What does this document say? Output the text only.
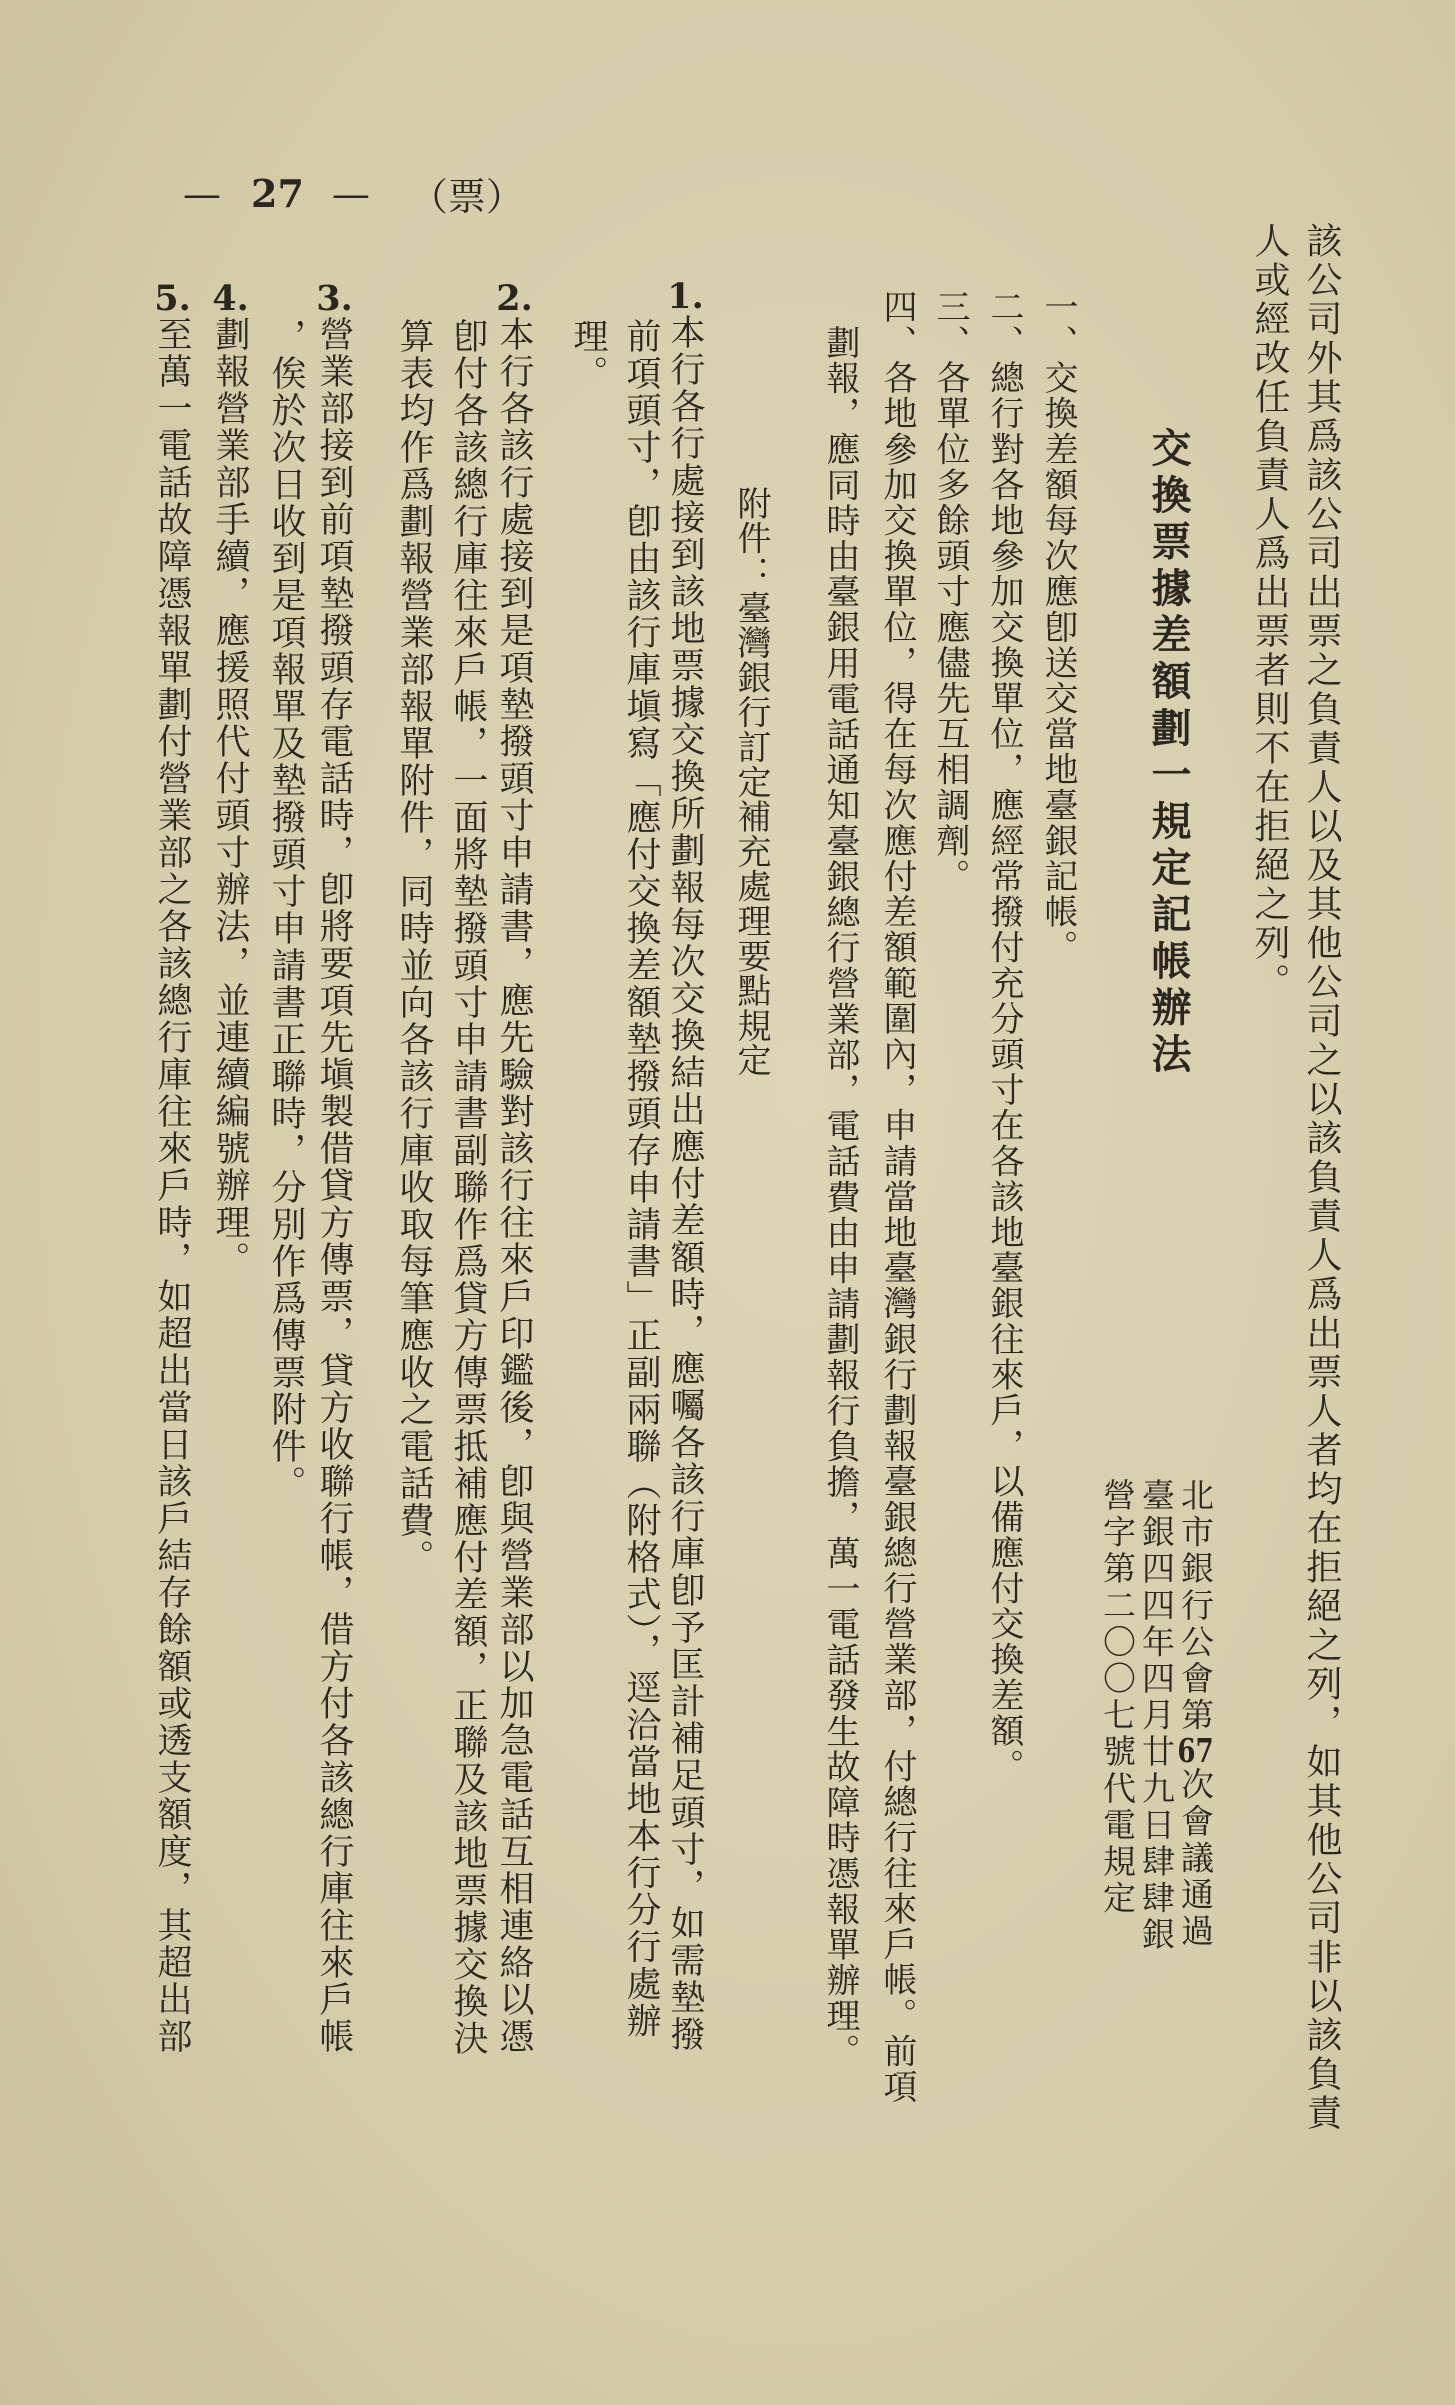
— 27 — （票）
該公司外其爲該公司出票之負責人以及其他公司之以該負責人爲出票人者均在拒絕之列，如其他公司非以該負責
人或經改任負責人爲出票者則不在拒絕之列。
交換票據差額劃一規定記帳辦法
北市銀行公會第67次會議通過
臺銀四四年四月廿九日肆肆銀
營字第二〇〇七號代電規定
一、交換差額每次應卽送交當地臺銀記帳。
二、總行對各地參加交換單位，應經常撥付充分頭寸在各該地臺銀往來戶，以備應付交換差額。
三、各單位多餘頭寸應儘先互相調劑。
四、各地參加交換單位，得在每次應付差額範圍內，申請當地臺灣銀行劃報臺銀總行營業部，付總行往來戶帳。前項
劃報，應同時由臺銀用電話通知臺銀總行營業部，電話費由申請劃報行負擔，萬一電話發生故障時憑報單辦理。
附件：臺灣銀行訂定補充處理要點規定
1.本行各行處接到該地票據交換所劃報每次交換結出應付差額時，應囑各該行庫卽予匡計補足頭寸，如需墊撥
前項頭寸，卽由該行庫塡寫「應付交換差額墊撥頭存申請書」正副兩聯（附格式），逕洽當地本行分行處辦
理。
2.本行各該行處接到是項墊撥頭寸申請書，應先驗對該行往來戶印鑑後，卽與營業部以加急電話互相連絡以憑
卽付各該總行庫往來戶帳，一面將墊撥頭寸申請書副聯作爲貸方傳票抵補應付差額，正聯及該地票據交換決
算表均作爲劃報營業部報單附件，同時並向各該行庫收取每筆應收之電話費。
3.營業部接到前項墊撥頭存電話時，卽將要項先塡製借貸方傳票，貸方收聯行帳，借方付各該總行庫往來戶帳
，俟於次日收到是項報單及墊撥頭寸申請書正聯時，分別作爲傳票附件。
4.劃報營業部手續，應援照代付頭寸辦法，並連續編號辦理。
5.至萬一電話故障憑報單劃付營業部之各該總行庫往來戶時，如超出當日該戶結存餘額或透支額度，其超出部
